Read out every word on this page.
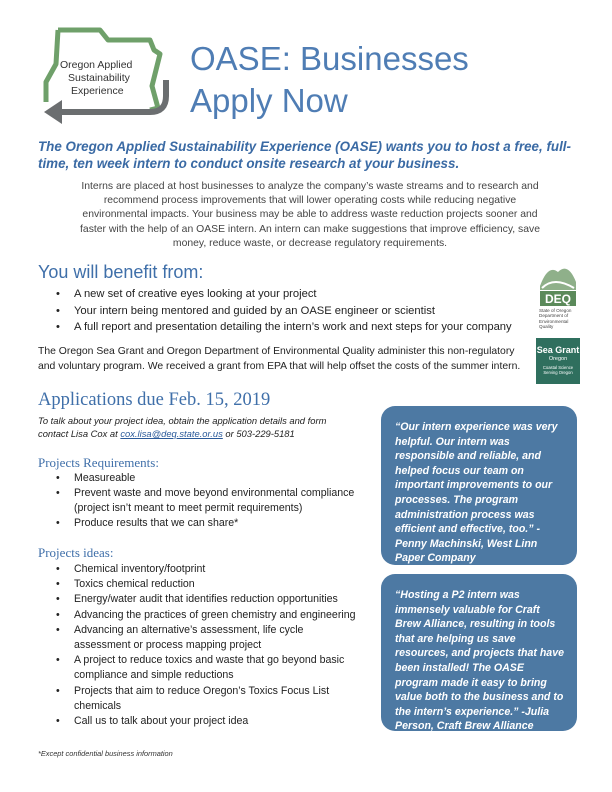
Oregon Applied
Sustainability
Experience
OASE: Businesses
Apply Now
The Oregon Applied Sustainability Experience (OASE) wants you to host a free, full-time, ten week intern to conduct onsite research at your business.
Interns are placed at host businesses to analyze the company’s waste streams and to research and recommend process improvements that will lower operating costs while reducing negative environmental impacts. Your business may be able to address waste reduction projects sooner and faster with the help of an OASE intern. An intern can make suggestions that improve efficiency, save money, reduce waste, or decrease regulatory requirements.
You will benefit from:
• A new set of creative eyes looking at your project
• Your intern being mentored and guided by an OASE engineer or scientist
• A full report and presentation detailing the intern’s work and next steps for your company
The Oregon Sea Grant and Oregon Department of Environmental Quality administer this non-regulatory and voluntary program. We received a grant from EPA that will help offset the costs of the summer intern.
DEQ
State of Oregon Department of Environmental Quality
Sea Grant
Oregon
Coastal Science Serving Oregon
Applications due Feb. 15, 2019
To talk about your project idea, obtain the application details and form contact Lisa Cox at cox.lisa@deq.state.or.us or 503-229-5181
Projects Requirements:
• Measureable
• Prevent waste and move beyond environmental compliance (project isn’t meant to meet permit requirements)
• Produce results that we can share*
Projects ideas:
• Chemical inventory/footprint
• Toxics chemical reduction
• Energy/water audit that identifies reduction opportunities
• Advancing the practices of green chemistry and engineering
• Advancing an alternative’s assessment, life cycle assessment or process mapping project
• A project to reduce toxics and waste that go beyond basic compliance and simple reductions
• Projects that aim to reduce Oregon’s Toxics Focus List chemicals
• Call us to talk about your project idea
“Our intern experience was very helpful. Our intern was responsible and reliable, and helped focus our team on important improvements to our processes. The program administration process was efficient and effective, too.” -Penny Machinski, West Linn Paper Company
“Hosting a P2 intern was immensely valuable for Craft Brew Alliance, resulting in tools that are helping us save resources, and projects that have been installed! The OASE program made it easy to bring value both to the business and to the intern’s experience.” -Julia Person, Craft Brew Alliance
*Except confidential business information
